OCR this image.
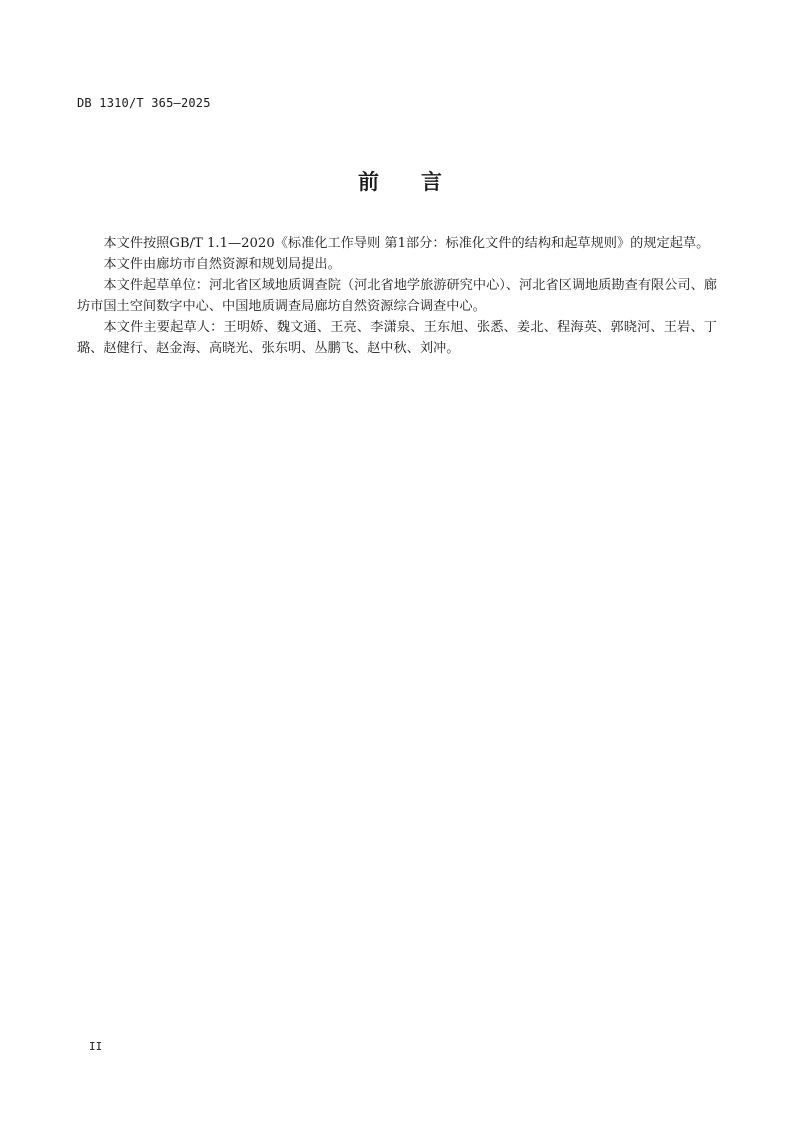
DB 1310/T 365—2025
前 言

本文件按照GB/T 1.1—2020《标准化工作导则 第1部分：标准化文件的结构和起草规则》的规定起草。

本文件由廊坊市自然资源和规划局提出。

本文件起草单位：河北省区域地质调查院（河北省地学旅游研究中心）、河北省区调地质勘查有限公司、廊坊市国土空间数字中心、中国地质调查局廊坊自然资源综合调查中心。

本文件主要起草人：王明娇、魏文通、王亮、李潇泉、王东旭、张悉、姜北、程海英、郭晓河、王岩、丁璐、赵健行、赵金海、高晓光、张东明、丛鹏飞、赵中秋、刘冲。

II
